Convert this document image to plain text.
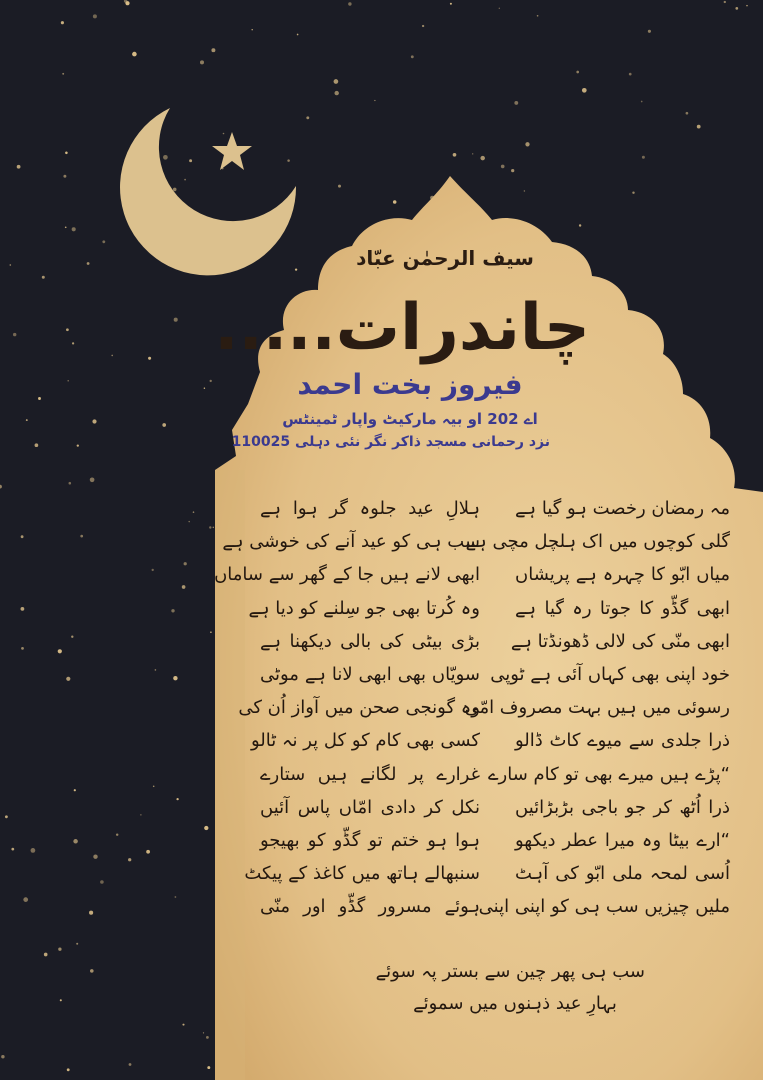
سیف الرحمٰن عبّاد
چاندرات.....
فیروز بخت احمد
اے 202 او بیہ مارکیٹ واپار ٹمینٹس
نزد رحمانی مسجد ذاکر نگر نئی دہلی 110025
مہ رمضان رخصت ہو گیا ہے
گلی کوچوں میں اک ہلچل مچی ہے
میاں ابّو کا چہرہ ہے پریشاں
ابھی گڈّو کا جوتا رہ گیا ہے
ابھی منّی کی لالی ڈھونڈتا ہے
خود اپنی بھی کہاں آئی ہے ٹوپی
رسوئی میں ہیں بہت مصروف امّی
ذرا جلدی سے میوے کاٹ ڈالو
“پڑے ہیں میرے بھی تو کام سارے
ذرا اُٹھ کر جو باجی بڑبڑائیں
“ارے بیٹا وہ میرا عطر دیکھو
اُسی لمحہ ملی ابّو کی آہٹ
ملیں چیزیں سب ہی کو اپنی اپنی
ہلالِ عید جلوہ گر ہوا ہے
سب ہی کو عید آنے کی خوشی ہے
ابھی لانے ہیں جا کے گھر سے ساماں
وہ کُرتا بھی جو سِلنے کو دیا ہے
بڑی بیٹی کی بالی دیکھنا ہے
سویّاں بھی ابھی لانا ہے موٹی
وہ گونجی صحن میں آواز اُن کی
کسی بھی کام کو کل پر نہ ٹالو
غرارے پر لگانے ہیں ستارے
نکل کر دادی امّاں پاس آئیں
ہوا ہو ختم تو گڈّو کو بھیجو
سنبھالے ہاتھ میں کاغذ کے پیکٹ
ہوئے مسرور گڈّو اور منّی
سب ہی پھر چین سے بستر پہ سوئے
بہارِ عید ذہنوں میں سموئے
